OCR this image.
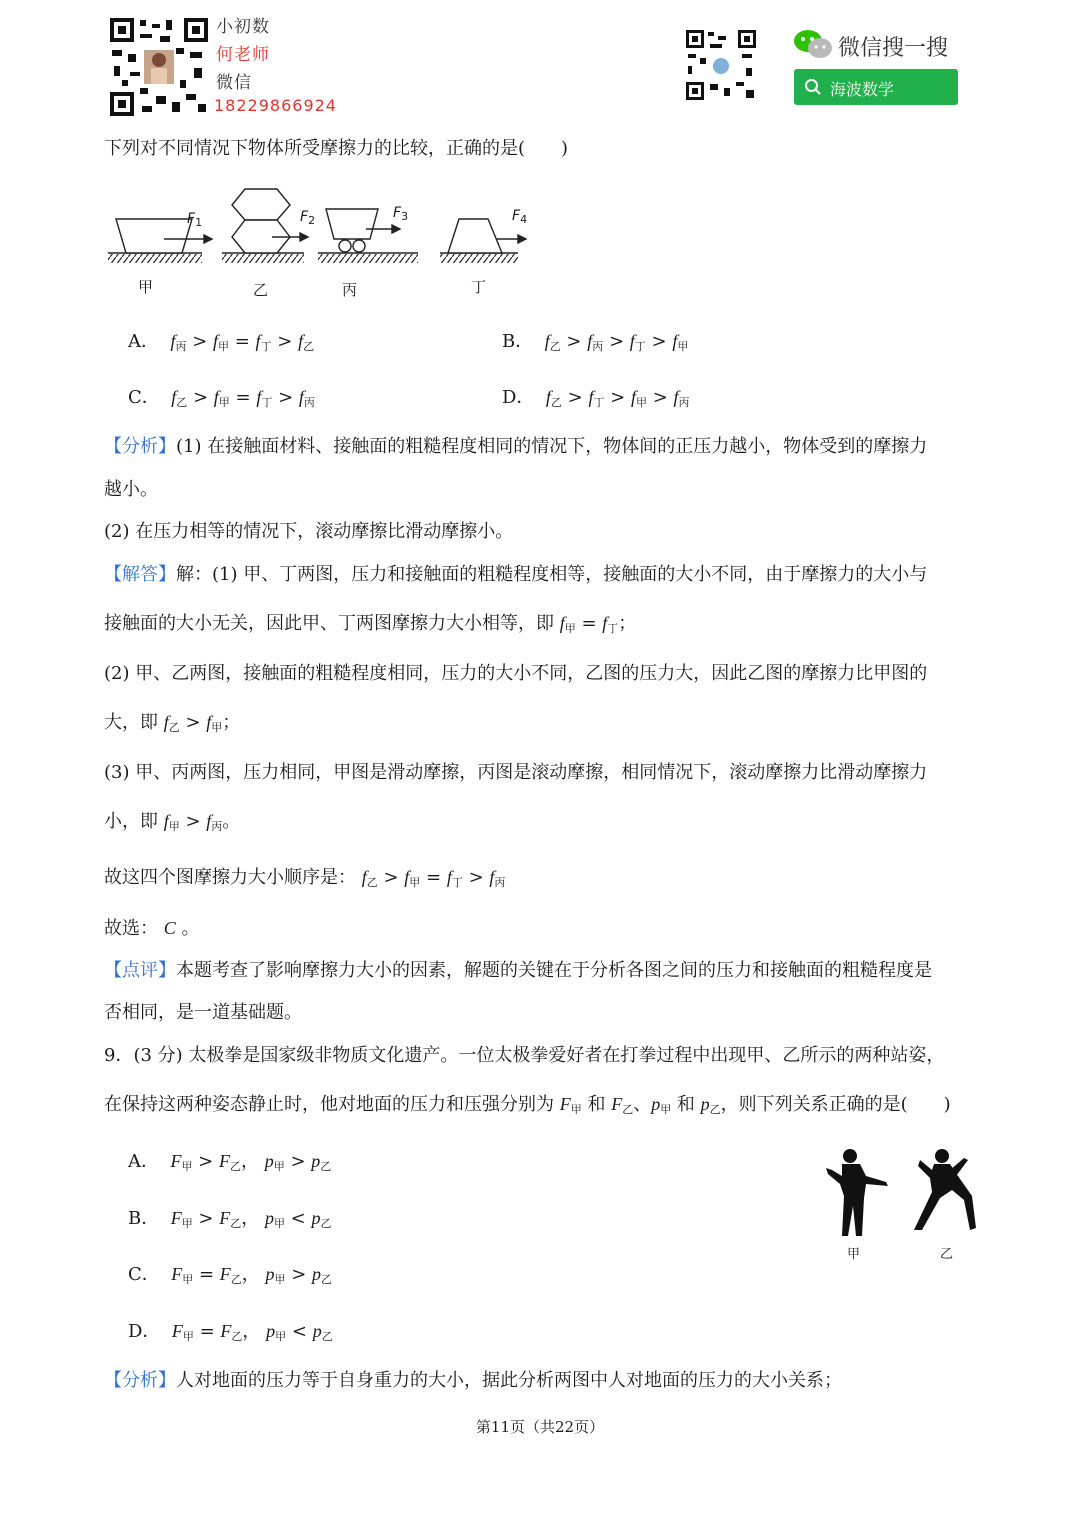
小初数
何老师
微信
18229866924
微信搜一搜
海波数学
下列对不同情况下物体所受摩擦力的比较，正确的是(　　)
$F_1$	$F_2$	$F_3$	$F_4$
甲	乙	丙	丁
A． $f_丙 > f_甲 = f_丁 > f_乙$	B． $f_乙 > f_丙 > f_丁 > f_甲$
C． $f_乙 > f_甲 = f_丁 > f_丙$	D． $f_乙 > f_丁 > f_甲 > f_丙$
【分析】(1) 在接触面材料、接触面的粗糙程度相同的情况下，物体间的正压力越小，物体受到的摩擦力
越小。
(2) 在压力相等的情况下，滚动摩擦比滑动摩擦小。
【解答】解：(1) 甲、丁两图，压力和接触面的粗糙程度相等，接触面的大小不同，由于摩擦力的大小与
接触面的大小无关，因此甲、丁两图摩擦力大小相等，即 $f_甲 = f_丁$；
(2) 甲、乙两图，接触面的粗糙程度相同，压力的大小不同，乙图的压力大，因此乙图的摩擦力比甲图的
大，即 $f_乙 > f_甲$；
(3) 甲、丙两图，压力相同，甲图是滑动摩擦，丙图是滚动摩擦，相同情况下，滚动摩擦力比滑动摩擦力
小，即 $f_甲 > f_丙$。
故这四个图摩擦力大小顺序是： $f_乙 > f_甲 = f_丁 > f_丙$
故选： C 。
【点评】本题考查了影响摩擦力大小的因素，解题的关键在于分析各图之间的压力和接触面的粗糙程度是
否相同，是一道基础题。
9．(3 分) 太极拳是国家级非物质文化遗产。一位太极拳爱好者在打拳过程中出现甲、乙所示的两种站姿，
在保持这两种姿态静止时，他对地面的压力和压强分别为 $F_甲$ 和 $F_乙$、$p_甲$ 和 $p_乙$，则下列关系正确的是(　　)
A． $F_甲 > F_乙$， $p_甲 > p_乙$
B． $F_甲 > F_乙$， $p_甲 < p_乙$
C． $F_甲 = F_乙$， $p_甲 > p_乙$
D． $F_甲 = F_乙$， $p_甲 < p_乙$
甲	乙
【分析】人对地面的压力等于自身重力的大小，据此分析两图中人对地面的压力的大小关系；
第11页（共22页）
